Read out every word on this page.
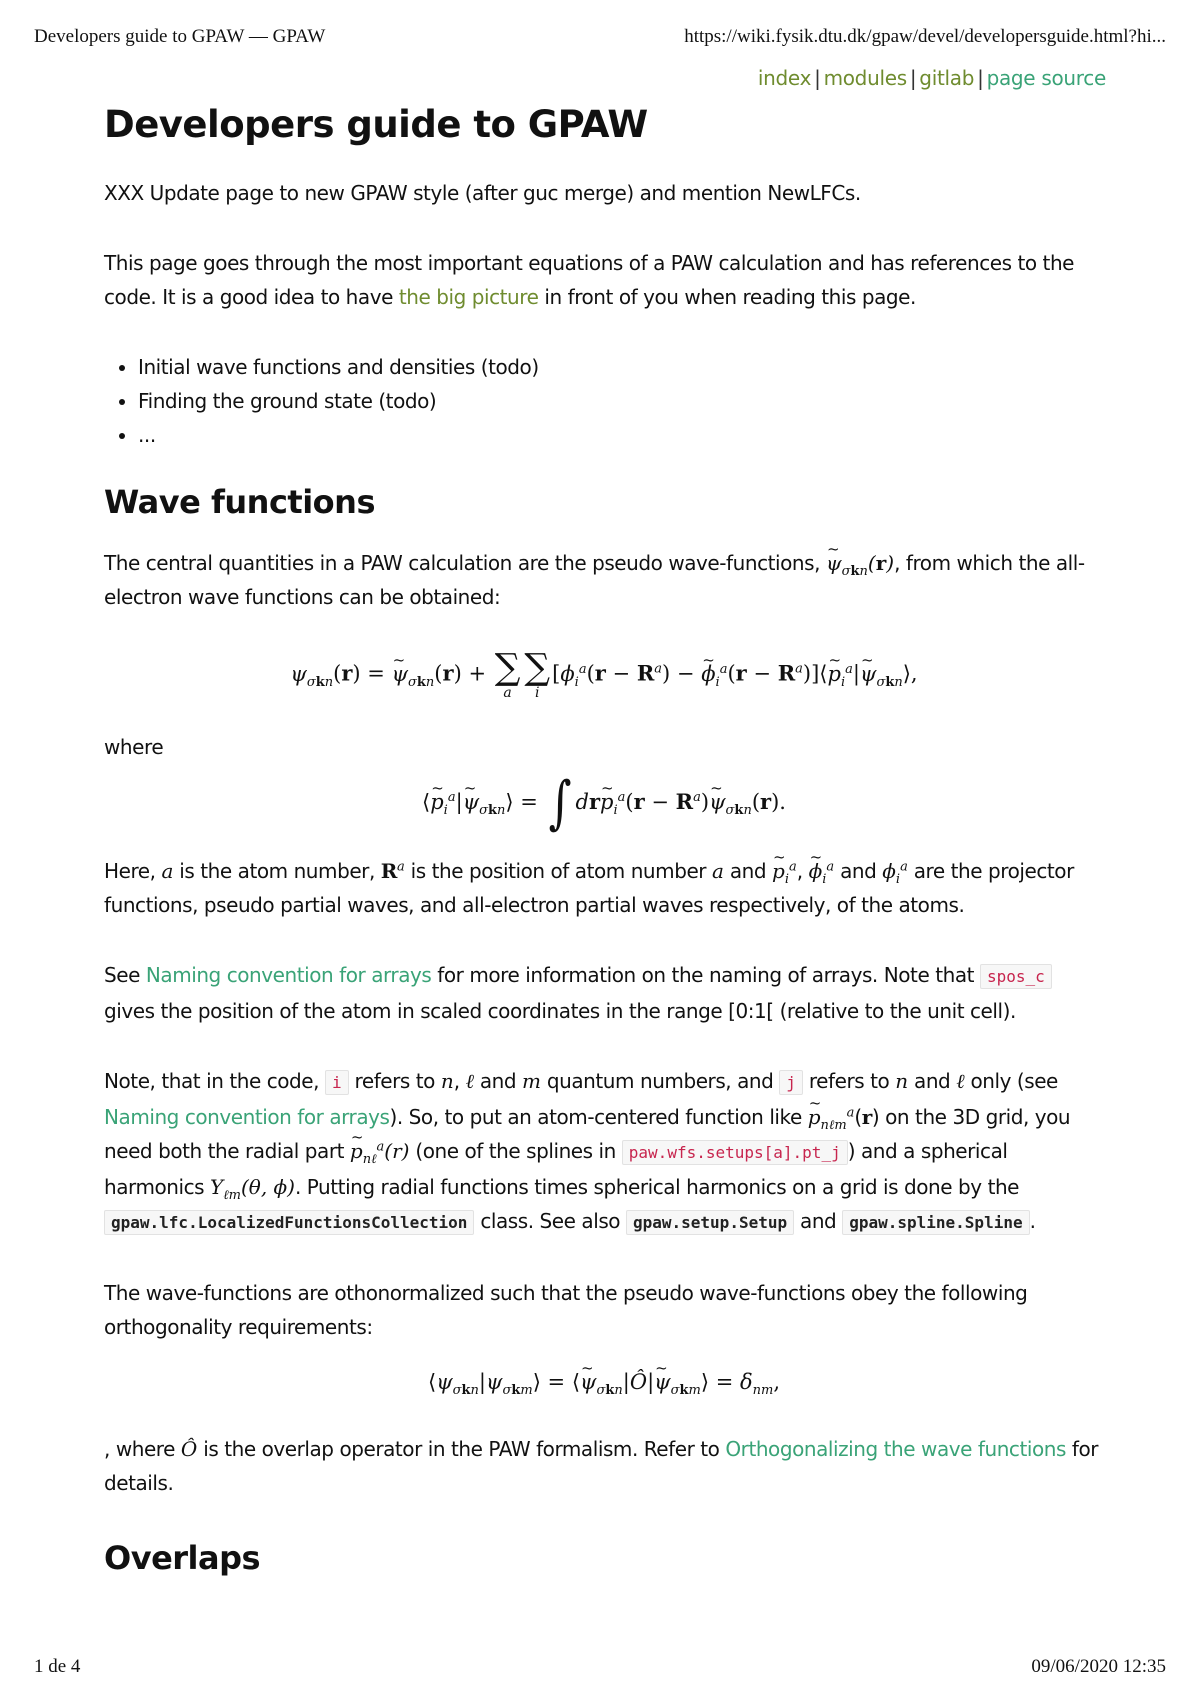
Developers guide to GPAW — GPAW	https://wiki.fysik.dtu.dk/gpaw/devel/developersguide.html?hi...
index | modules | gitlab | page source
Developers guide to GPAW

XXX Update page to new GPAW style (after guc merge) and mention NewLFCs.

This page goes through the most important equations of a PAW calculation and has references to the code. It is a good idea to have the big picture in front of you when reading this page.

• Initial wave functions and densities (todo)
• Finding the ground state (todo)
• ...
Wave functions

The central quantities in a PAW calculation are the pseudo wave-functions, ~ $\psi_{\sigma kn}(r)$, from which the all-electron wave functions can be obtained:

$\psi_{\sigma kn}(r)$ = ~ $\psi_{\sigma kn}(r)$ + ∑
a
∑
i
[$\phi_i^a(r - R^a)$ − ~ $\phi_i^a(r$ − $R^a)]⟨\sim$ $p_i^a|\sim$ $\psi_{\sigma kn}⟩$,

where

⟨~ $p_i^a|\sim$ $\psi_{\sigma kn}⟩$ = ∫ dr~ $p_i^a(r$ − $R^a)\sim$ $\psi_{\sigma kn}(r)$.

Here, a is the atom number, $R^a$ is the position of atom number a and ~ $p_i^a$, ~ $\phi_i^a$ and $\phi_i^a$ are the projector functions, pseudo partial waves, and all-electron partial waves respectively, of the atoms.

See Naming convention for arrays for more information on the naming of arrays. Note that spos_c gives the position of the atom in scaled coordinates in the range [0:1[ (relative to the unit cell).

Note, that in the code, i refers to n, ℓ and m quantum numbers, and j refers to n and ℓ only (see Naming convention for arrays). So, to put an atom-centered function like ~ $p_{n\ell m}^a(r)$ on the 3D grid, you need both the radial part ~ $p_{n\ell}^a(r)$ (one of the splines in paw.wfs.setups[a].pt_j ) and a spherical harmonics $Y_{\ell m}(\theta$, ϕ). Putting radial functions times spherical harmonics on a grid is done by the gpaw.lfc.LocalizedFunctionsCollection class. See also gpaw.setup.Setup and gpaw.spline.Spline .

The wave-functions are othonormalized such that the pseudo wave-functions obey the following orthogonality requirements:

$⟨\psi_{\sigma kn}|\psi_{\sigma km}⟩$ = ⟨~ $\psi_{\sigma kn}|Ô|\sim$ $\psi_{\sigma km}⟩ = \delta_{nm}$,

, where Ô is the overlap operator in the PAW formalism. Refer to Orthogonalizing the wave functions for details.

Overlaps
1 de 4	09/06/2020 12:35
